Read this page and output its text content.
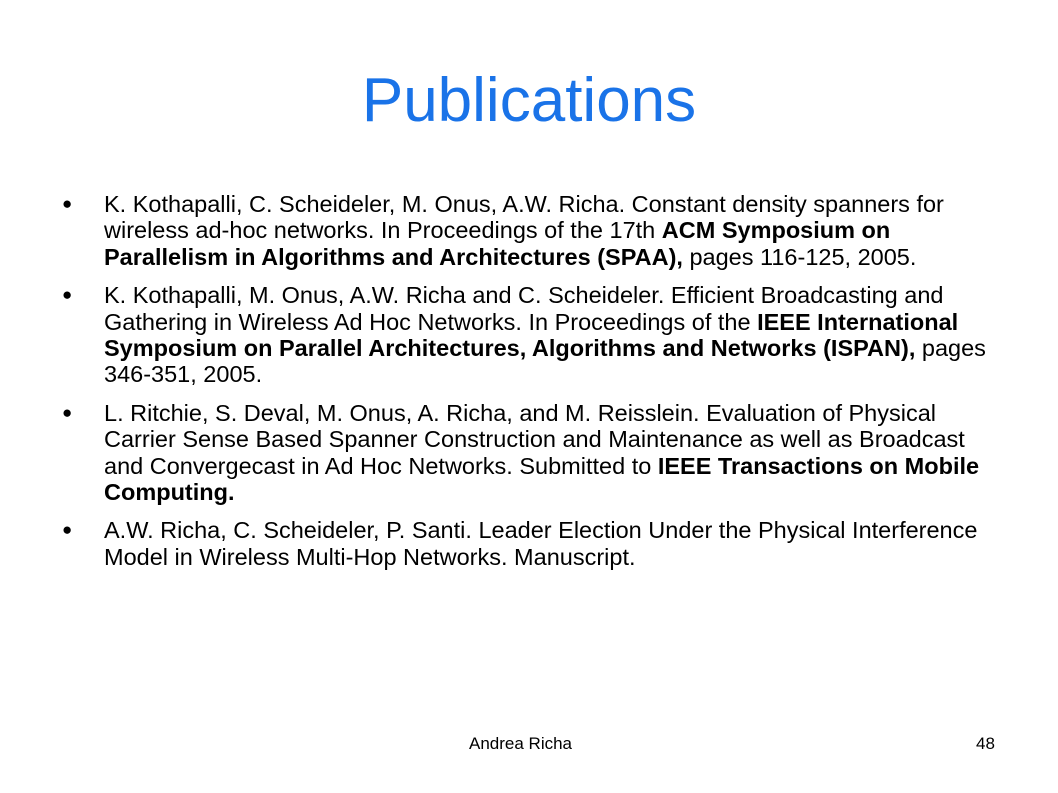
Publications
●	K. Kothapalli, C. Scheideler, M. Onus, A.W. Richa. Constant density spanners for wireless ad-hoc networks. In Proceedings of the 17th ACM Symposium on Parallelism in Algorithms and Architectures (SPAA), pages 116-125, 2005.
●	K. Kothapalli, M. Onus, A.W. Richa and C. Scheideler. Efficient Broadcasting and Gathering in Wireless Ad Hoc Networks. In Proceedings of the IEEE International Symposium on Parallel Architectures, Algorithms and Networks (ISPAN), pages 346-351, 2005.
●	L. Ritchie, S. Deval, M. Onus, A. Richa, and M. Reisslein. Evaluation of Physical Carrier Sense Based Spanner Construction and Maintenance as well as Broadcast and Convergecast in Ad Hoc Networks. Submitted to IEEE Transactions on Mobile Computing.
●	A.W. Richa, C. Scheideler, P. Santi. Leader Election Under the Physical Interference Model in Wireless Multi-Hop Networks. Manuscript.
Andrea Richa	48
